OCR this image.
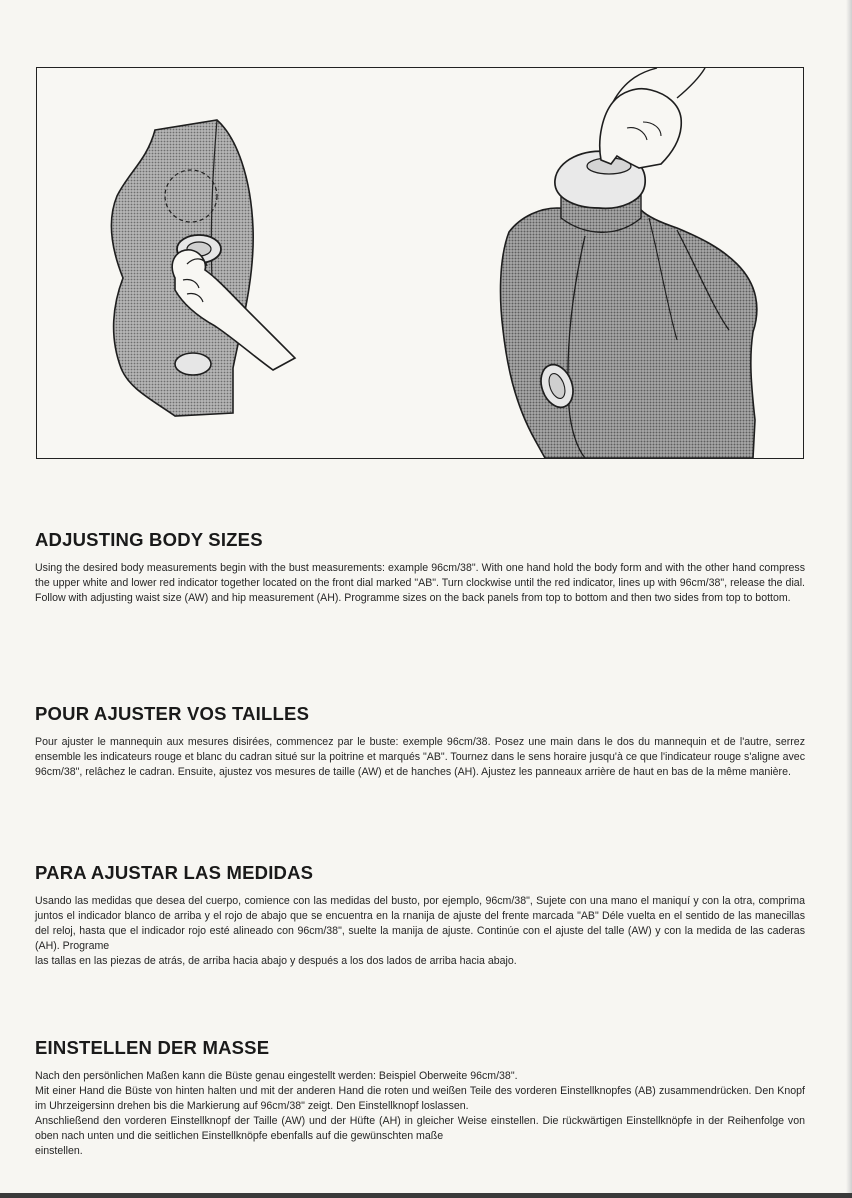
ADJUSTING BODY SIZES

Using the desired body measurements begin with the bust measurements: example 96cm/38". With one hand hold the body form and with the other hand compress the upper white and lower red indicator together located on the front dial marked "AB". Turn clockwise until the red indicator, lines up with 96cm/38", release the dial. Follow with adjusting waist size (AW) and hip measurement (AH). Programme sizes on the back panels from top to bottom and then two sides from top to bottom.

POUR AJUSTER VOS TAILLES

Pour ajuster le mannequin aux mesures disirées, commencez par le buste: exemple 96cm/38. Posez une main dans le dos du mannequin et de l'autre, serrez ensemble les indicateurs rouge et blanc du cadran situé sur la poitrine et marqués "AB". Tournez dans le sens horaire jusqu'à ce que l'indicateur rouge s'aligne avec 96cm/38", relâchez le cadran. Ensuite, ajustez vos mesures de taille (AW) et de hanches (AH). Ajustez les panneaux arrière de haut en bas de la même manière.

PARA AJUSTAR LAS MEDIDAS

Usando las medidas que desea del cuerpo, comience con las medidas del busto, por ejemplo, 96cm/38", Sujete con una mano el maniquí y con la otra, comprima juntos el indicador blanco de arriba y el rojo de abajo que se encuentra en la rnanija de ajuste del frente marcada "AB" Déle vuelta en el sentido de las manecillas del reloj, hasta que el indicador rojo esté alineado con 96cm/38", suelte la manija de ajuste. Continúe con el ajuste del talle (AW) y con la medida de las caderas (AH). Programe
las tallas en las piezas de atrás, de arriba hacia abajo y después a los dos lados de arriba hacia abajo.

EINSTELLEN DER MASSE

Nach den persönlichen Maßen kann die Büste genau eingestellt werden: Beispiel Oberweite 96cm/38".
Mit einer Hand die Büste von hinten halten und mit der anderen Hand die roten und weißen Teile des vorderen Einstellknopfes (AB) zusammendrücken. Den Knopf im Uhrzeigersinn drehen bis die Markierung auf 96cm/38" zeigt. Den Einstellknopf loslassen.
Anschließend den vorderen Einstellknopf der Taille (AW) und der Hüfte (AH) in gleicher Weise einstellen. Die rückwärtigen Einstellknöpfe in der Reihenfolge von oben nach unten und die seitlichen Einstellknöpfe ebenfalls auf die gewünschten maße
einstellen.
